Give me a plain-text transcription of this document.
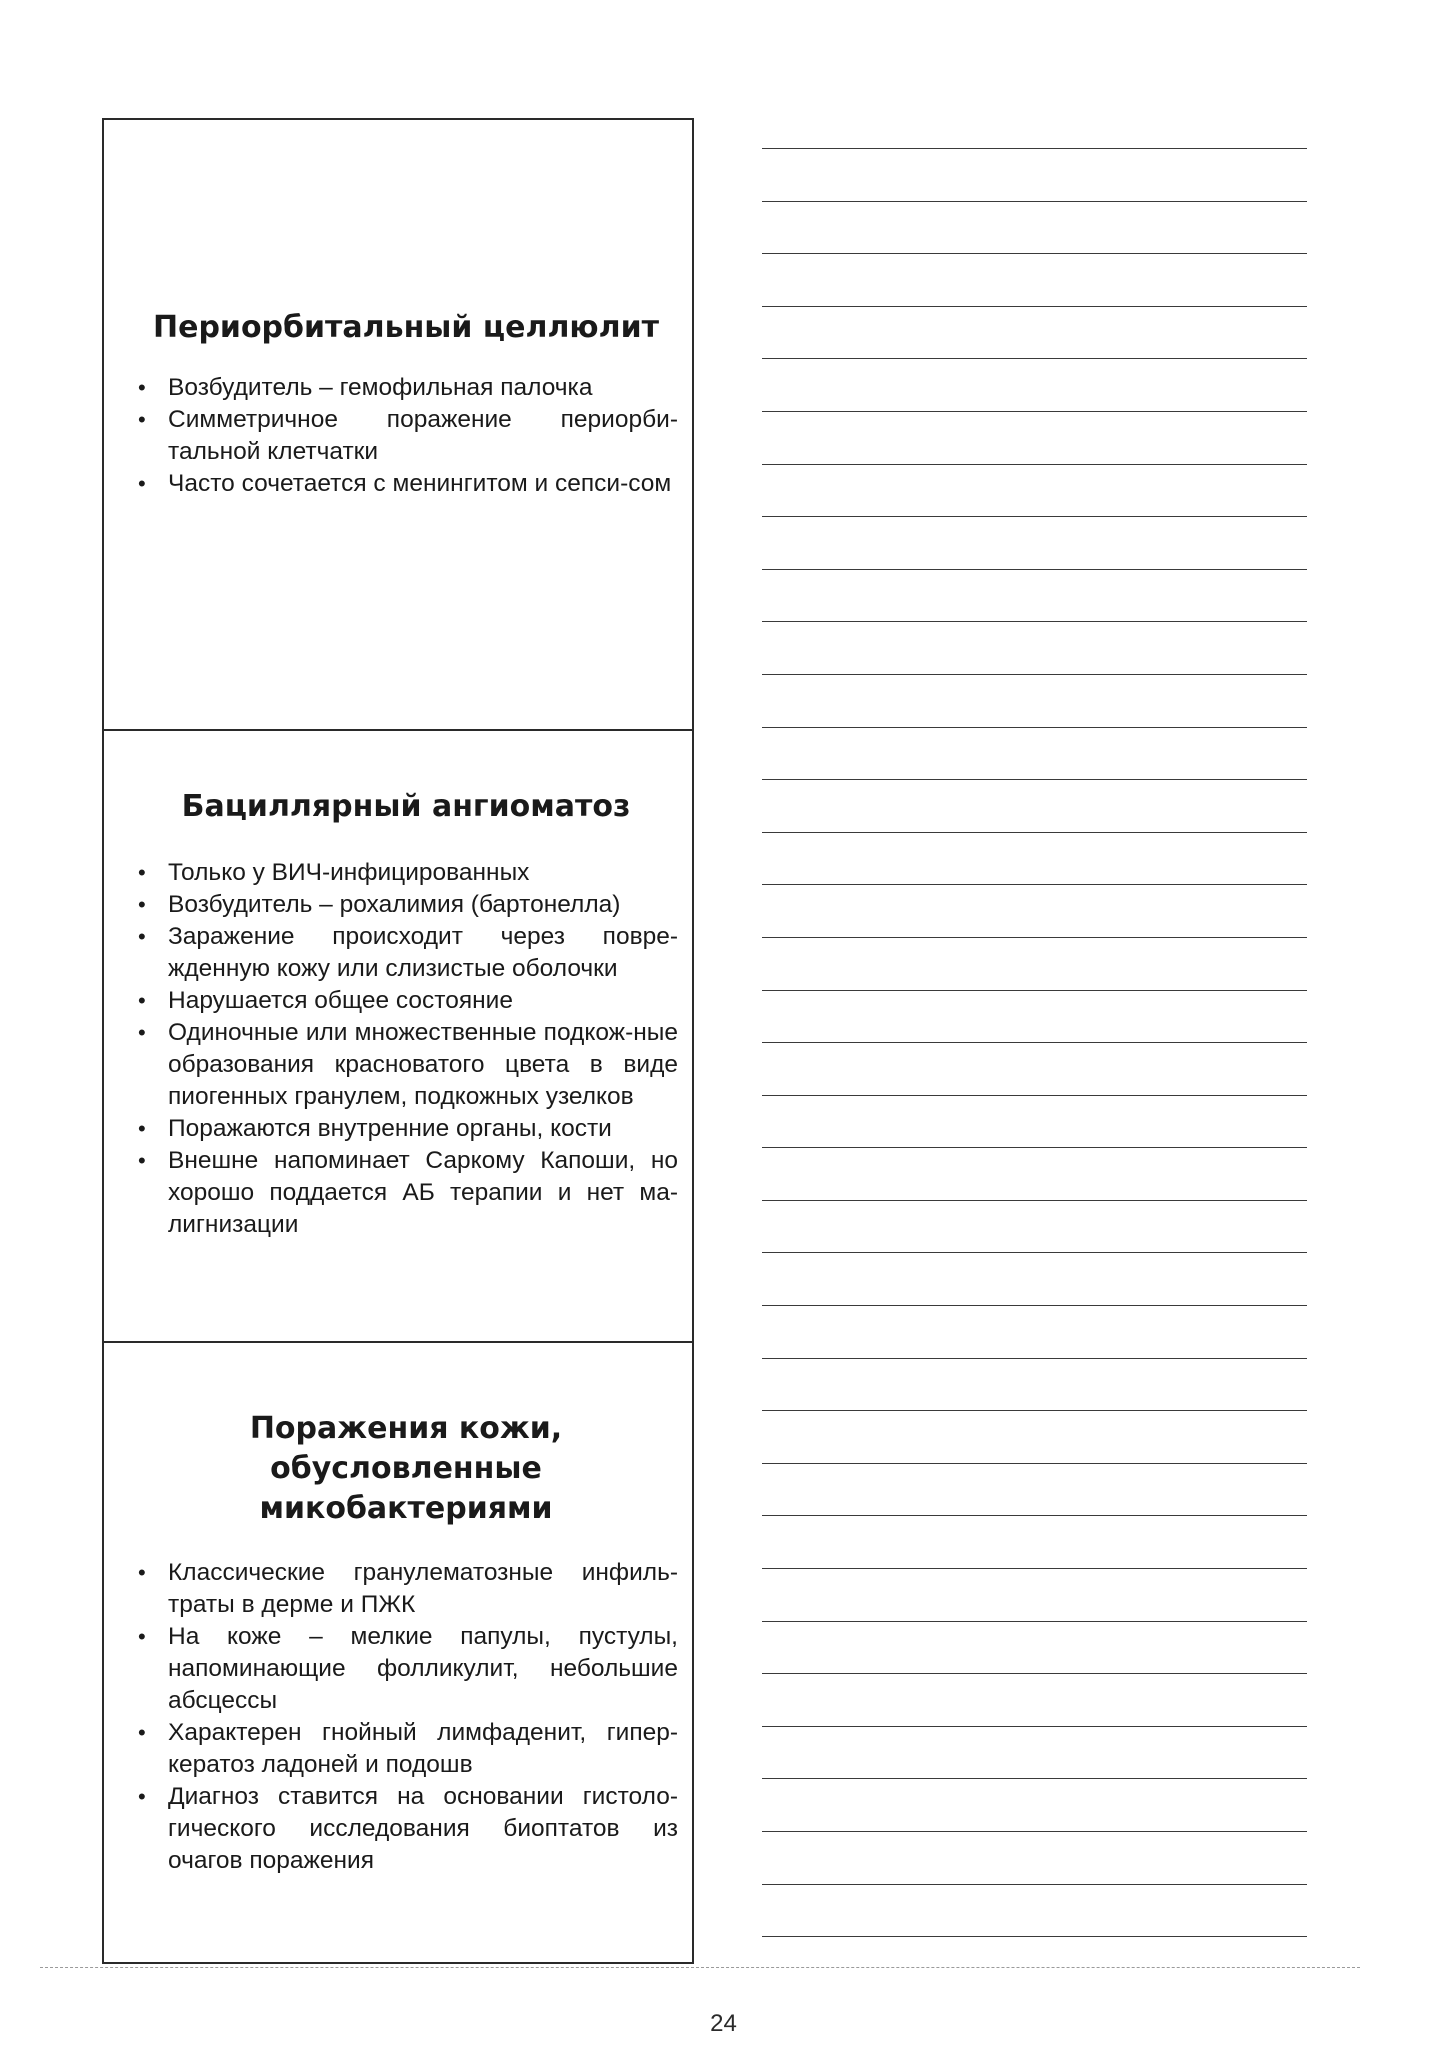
Периорбитальный целлюлит
• Возбудитель – гемофильная палочка
• Симметричное поражение периорби-тальной клетчатки
• Часто сочетается с менингитом и сепси-сом
Бациллярный ангиоматоз
• Только у ВИЧ-инфицированных
• Возбудитель – рохалимия (бартонелла)
• Заражение происходит через повре-жденную кожу или слизистые оболочки
• Нарушается общее состояние
• Одиночные или множественные подкож-ные образования красноватого цвета в виде пиогенных гранулем, подкожных узелков
• Поражаются внутренние органы, кости
• Внешне напоминает Саркому Капоши, но хорошо поддается АБ терапии и нет ма-лигнизации
Поражения кожи, обусловленные микобактериями
• Классические гранулематозные инфиль-траты в дерме и ПЖК
• На коже – мелкие папулы, пустулы, напоминающие фолликулит, небольшие абсцессы
• Характерен гнойный лимфаденит, гипер-кератоз ладоней и подошв
• Диагноз ставится на основании гистоло-гического исследования биоптатов из очагов поражения
24
